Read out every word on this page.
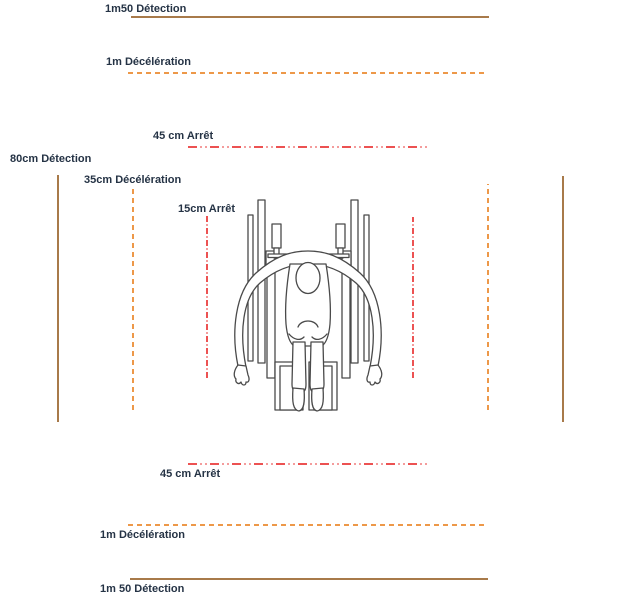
1m50 Détection
1m Décélération
45 cm Arrêt
80cm Détection
35cm Décélération
15cm Arrêt
45 cm Arrêt
1m Décélération
1m 50 Détection
